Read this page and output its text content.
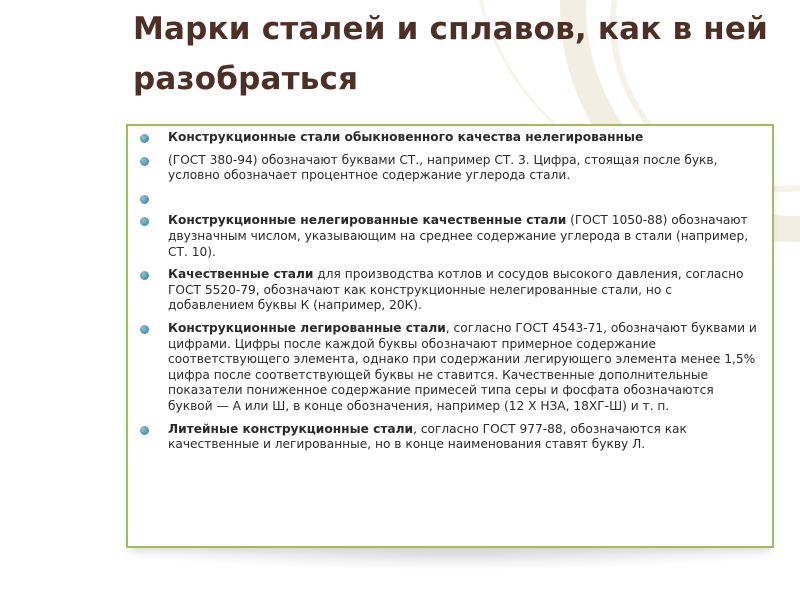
Марки сталей и сплавов, как в ней разобраться
Конструкционные стали обыкновенного качества нелегированные
(ГОСТ 380-94) обозначают буквами СТ., например СТ. 3. Цифра, стоящая после букв, условно обозначает процентное содержание углерода стали.
Конструкционные нелегированные качественные стали (ГОСТ 1050-88) обозначают двузначным числом, указывающим на среднее содержание углерода в стали (например, СТ. 10).
Качественные стали для производства котлов и сосудов высокого давления, согласно ГОСТ 5520-79, обозначают как конструкционные нелегированные стали, но с добавлением буквы К (например, 20К).
Конструкционные легированные стали, согласно ГОСТ 4543-71, обозначают буквами и цифрами. Цифры после каждой буквы обозначают примерное содержание соответствующего элемента, однако при содержании легирующего элемента менее 1,5% цифра после соответствующей буквы не ставится. Качественные дополнительные показатели пониженное содержание примесей типа серы и фосфата обозначаются буквой — А или Ш, в конце обозначения, например (12 Х НЗА, 18ХГ-Ш) и т. п.
Литейные конструкционные стали, согласно ГОСТ 977-88, обозначаются как качественные и легированные, но в конце наименования ставят букву Л.
